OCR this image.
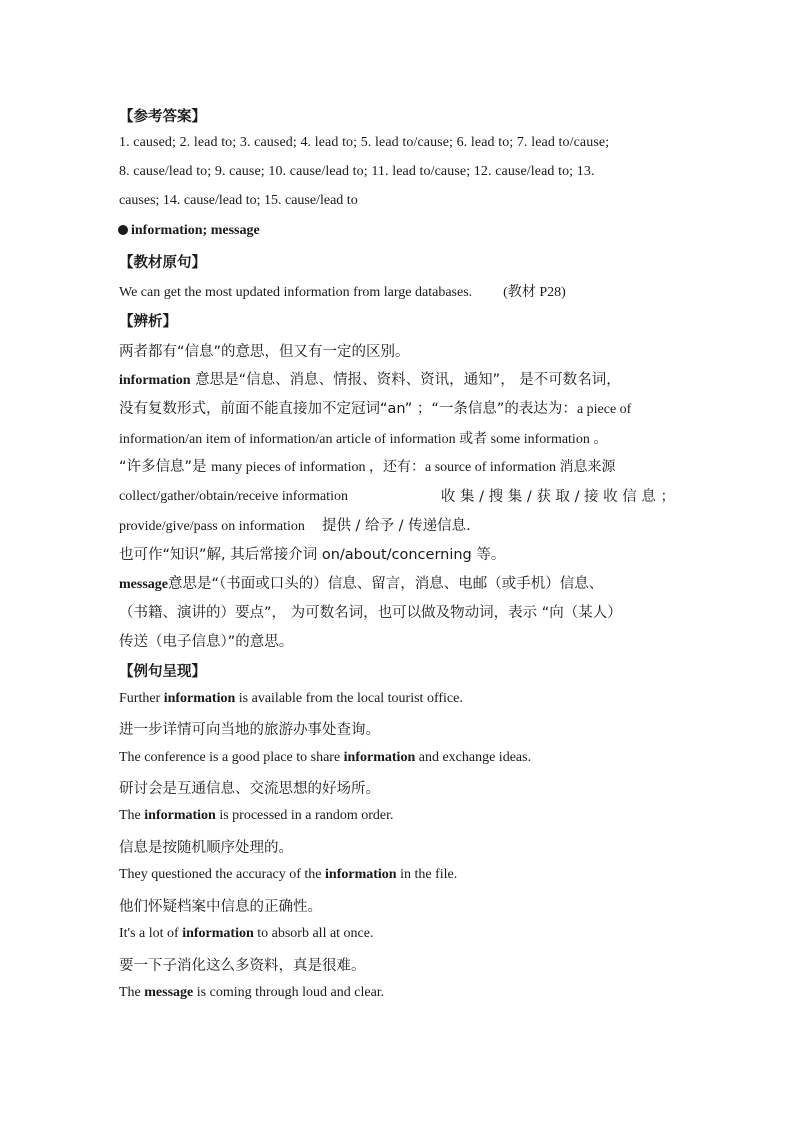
【参考答案】
1. caused; 2. lead to; 3. caused; 4. lead to; 5. lead to/cause; 6. lead to; 7. lead to/cause;
8. cause/lead to; 9. cause; 10. cause/lead to; 11. lead to/cause; 12. cause/lead to; 13.
causes; 14. cause/lead to; 15. cause/lead to
information; message
【教材原句】
We can get the most updated information from large databases. (教材 P28)
【辨析】
两者都有“信息”的意思，但又有一定的区别。
information 意思是“信息、消息、情报、资料、资讯，通知”， 是不可数名词，
没有复数形式，前面不能直接加不定冠词“an” ；“一条信息”的表达为：a piece of
information/an item of information/an article of information 或者 some information 。
“许多信息”是 many pieces of information ，还有：a source of information 消息来源
collect/gather/obtain/receive information	收 集 / 搜 集 / 获 取 / 接 收 信 息 ；
provide/give/pass on information 提供 / 给予 / 传递信息.
也可作“知识”解, 其后常接介词 on/about/concerning 等。
message意思是“（书面或口头的）信息、留言，消息、电邮（或手机）信息、
（书籍、演讲的）要点”， 为可数名词，也可以做及物动词，表示 “向（某人）
传送（电子信息）”的意思。
【例句呈现】
Further information is available from the local tourist office.
进一步详情可向当地的旅游办事处查询。
The conference is a good place to share information and exchange ideas.
研讨会是互通信息、交流思想的好场所。
The information is processed in a random order.
信息是按随机顺序处理的。
They questioned the accuracy of the information in the file.
他们怀疑档案中信息的正确性。
It's a lot of information to absorb all at once.
要一下子消化这么多资料，真是很难。
The message is coming through loud and clear.
